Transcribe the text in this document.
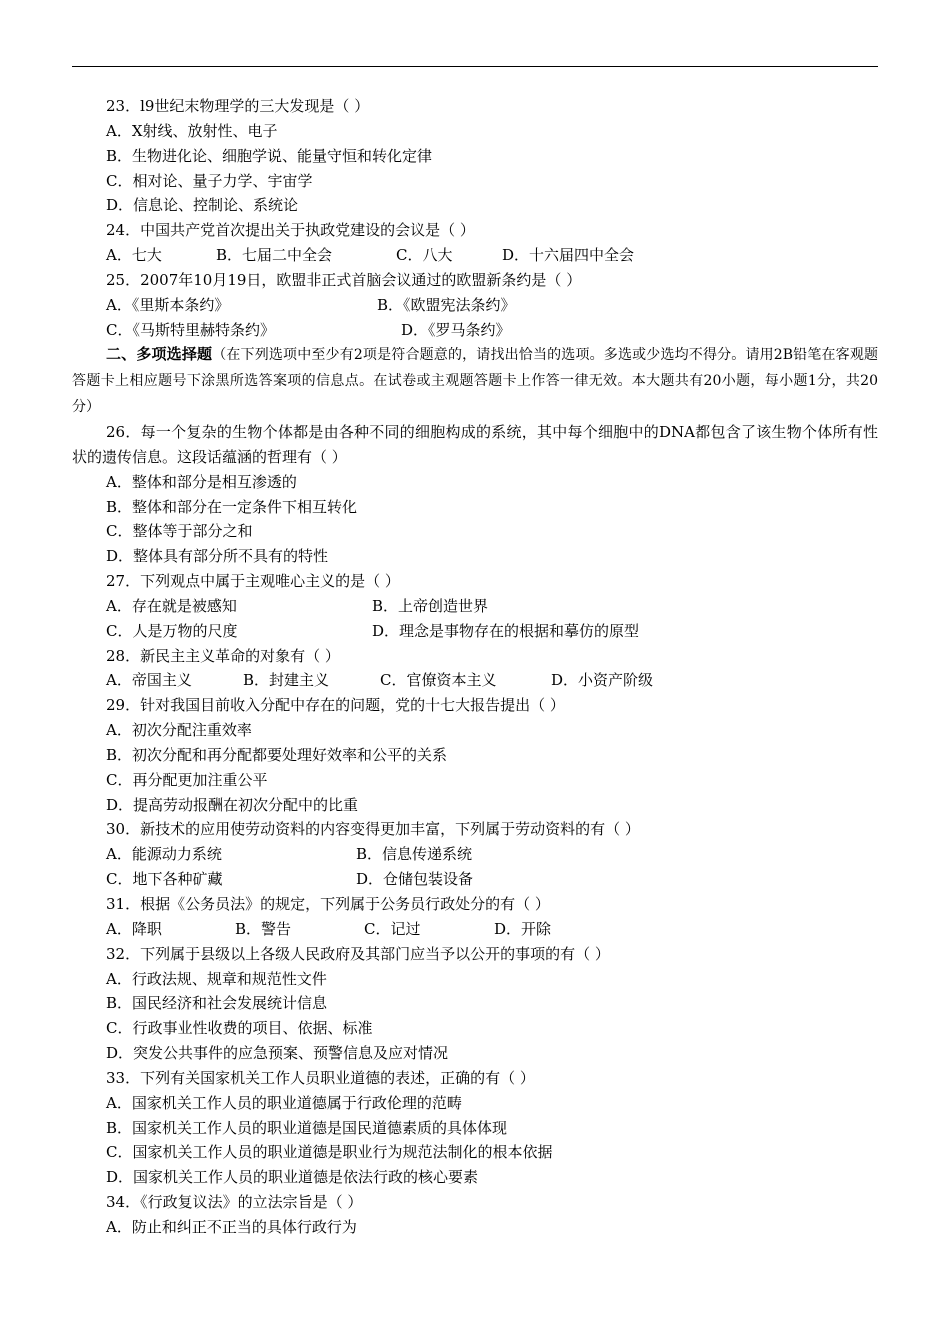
23．l9世纪末物理学的三大发现是（ ）
A．X射线、放射性、电子
B．生物进化论、细胞学说、能量守恒和转化定律
C．相对论、量子力学、宇宙学
D．信息论、控制论、系统论
24．中国共产党首次提出关于执政党建设的会议是（ ）
A．七大	B．七届二中全会	C．八大	D．十六届四中全会
25．2007年10月19日，欧盟非正式首脑会议通过的欧盟新条约是（ ）
A．《里斯本条约》	B．《欧盟宪法条约》
C．《马斯特里赫特条约》	D．《罗马条约》
二、多项选择题（在下列选项中至少有2项是符合题意的，请找出恰当的选项。多选或少选均不得分。请用2B铅笔在客观题答题卡上相应题号下涂黑所选答案项的信息点。在试卷或主观题答题卡上作答一律无效。本大题共有20小题，每小题1分，共20分）
26．每一个复杂的生物个体都是由各种不同的细胞构成的系统，其中每个细胞中的DNA都包含了该生物个体所有性状的遗传信息。这段话蕴涵的哲理有（ ）
A．整体和部分是相互渗透的
B．整体和部分在一定条件下相互转化
C．整体等于部分之和
D．整体具有部分所不具有的特性
27．下列观点中属于主观唯心主义的是（ ）
A．存在就是被感知	B．上帝创造世界
C．人是万物的尺度	D．理念是事物存在的根据和摹仿的原型
28．新民主主义革命的对象有（ ）
A．帝国主义	B．封建主义	C．官僚资本主义	D．小资产阶级
29．针对我国目前收入分配中存在的问题，党的十七大报告提出（ ）
A．初次分配注重效率
B．初次分配和再分配都要处理好效率和公平的关系
C．再分配更加注重公平
D．提高劳动报酬在初次分配中的比重
30．新技术的应用使劳动资料的内容变得更加丰富，下列属于劳动资料的有（ ）
A．能源动力系统	B．信息传递系统
C．地下各种矿藏	D．仓储包装设备
31．根据《公务员法》的规定，下列属于公务员行政处分的有（ ）
A．降职	B．警告	C．记过	D．开除
32．下列属于县级以上各级人民政府及其部门应当予以公开的事项的有（ ）
A．行政法规、规章和规范性文件
B．国民经济和社会发展统计信息
C．行政事业性收费的项目、依据、标准
D．突发公共事件的应急预案、预警信息及应对情况
33．下列有关国家机关工作人员职业道德的表述，正确的有（ ）
A．国家机关工作人员的职业道德属于行政伦理的范畴
B．国家机关工作人员的职业道德是国民道德素质的具体体现
C．国家机关工作人员的职业道德是职业行为规范法制化的根本依据
D．国家机关工作人员的职业道德是依法行政的核心要素
34．《行政复议法》的立法宗旨是（ ）
A．防止和纠正不正当的具体行政行为
